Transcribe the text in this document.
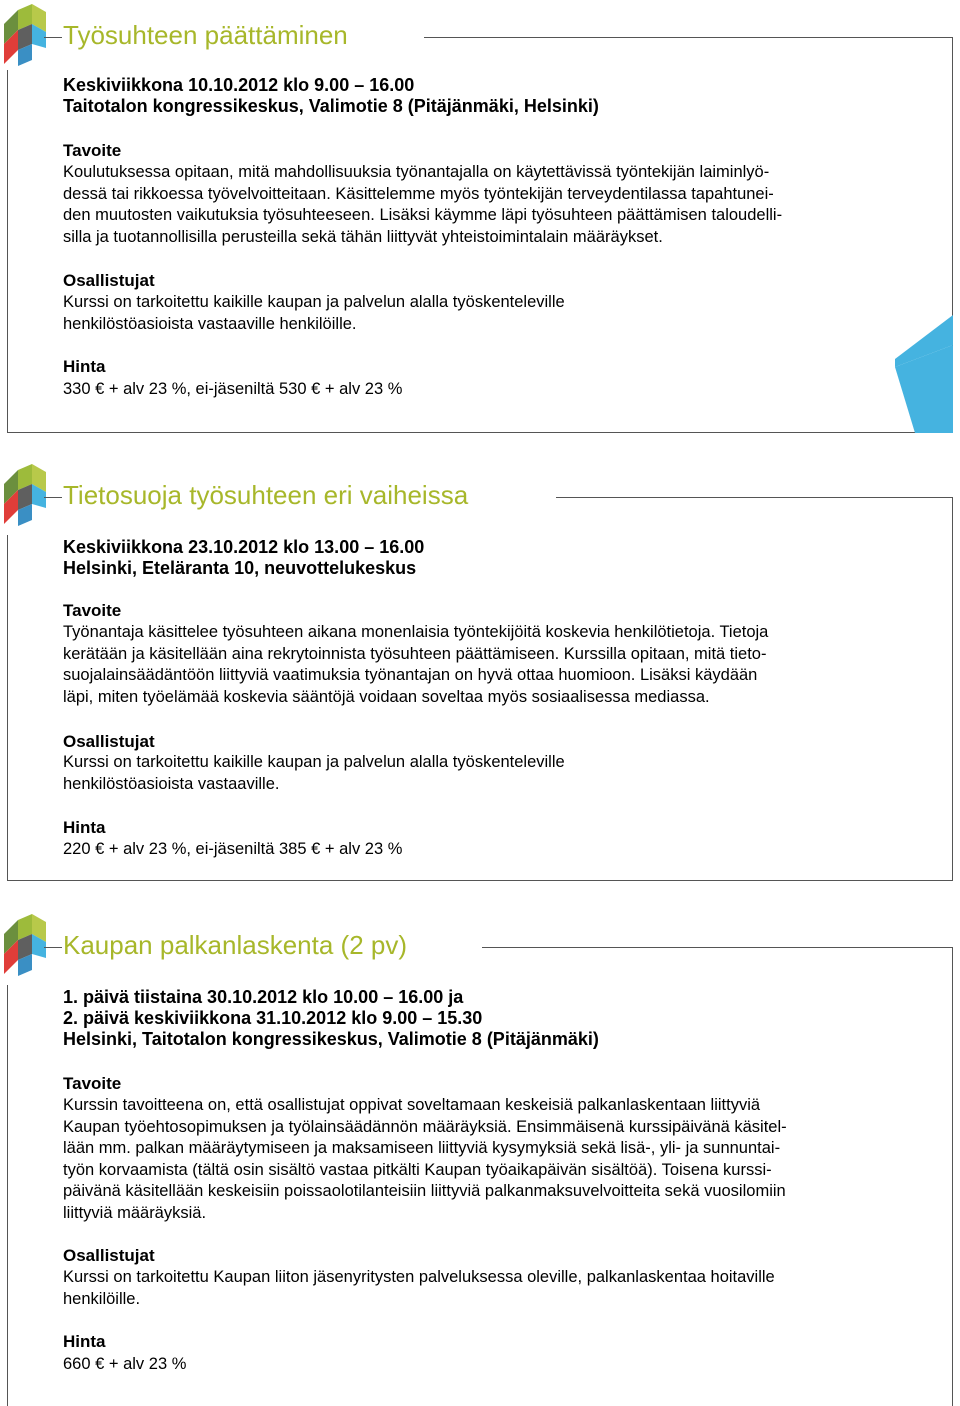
Työsuhteen päättäminen
Keskiviikkona 10.10.2012 klo 9.00 – 16.00
Taitotalon kongressikeskus, Valimotie 8 (Pitäjänmäki, Helsinki)
Tavoite
Koulutuksessa opitaan, mitä mahdollisuuksia työnantajalla on käytettävissä työntekijän laiminlyö-
dessä tai rikkoessa työvelvoitteitaan. Käsittelemme myös työntekijän terveydentilassa tapahtunei-
den muutosten vaikutuksia työsuhteeseen. Lisäksi käymme läpi työsuhteen päättämisen taloudelli-
silla ja tuotannollisilla perusteilla sekä tähän liittyvät yhteistoimintalain määräykset.
Osallistujat
Kurssi on tarkoitettu kaikille kaupan ja palvelun alalla työskenteleville
henkilöstöasioista vastaaville henkilöille.
Hinta
330 € + alv 23 %, ei-jäseniltä 530 € + alv 23 %
Tietosuoja työsuhteen eri vaiheissa
Keskiviikkona 23.10.2012 klo 13.00 – 16.00
Helsinki, Eteläranta 10, neuvottelukeskus
Tavoite
Työnantaja käsittelee työsuhteen aikana monenlaisia työntekijöitä koskevia henkilötietoja. Tietoja
kerätään ja käsitellään aina rekrytoinnista työsuhteen päättämiseen. Kurssilla opitaan, mitä tieto-
suojalainsäädäntöön liittyviä vaatimuksia työnantajan on hyvä ottaa huomioon. Lisäksi käydään
läpi, miten työelämää koskevia sääntöjä voidaan soveltaa myös sosiaalisessa mediassa.
Osallistujat
Kurssi on tarkoitettu kaikille kaupan ja palvelun alalla työskenteleville
henkilöstöasioista vastaaville.
Hinta
220 € + alv 23 %, ei-jäseniltä 385 € + alv 23 %
Kaupan palkanlaskenta (2 pv)
1. päivä tiistaina 30.10.2012 klo 10.00 – 16.00 ja
2. päivä keskiviikkona 31.10.2012 klo 9.00 – 15.30
Helsinki, Taitotalon kongressikeskus, Valimotie 8 (Pitäjänmäki)
Tavoite
Kurssin tavoitteena on, että osallistujat oppivat soveltamaan keskeisiä palkanlaskentaan liittyviä
Kaupan työehtosopimuksen ja työlainsäädännön määräyksiä. Ensimmäisenä kurssipäivänä käsitel-
lään mm. palkan määräytymiseen ja maksamiseen liittyviä kysymyksiä sekä lisä-, yli- ja sunnuntai-
työn korvaamista (tältä osin sisältö vastaa pitkälti Kaupan työaikapäivän sisältöä). Toisena kurssi-
päivänä käsitellään keskeisiin poissaolotilanteisiin liittyviä palkanmaksuvelvoitteita sekä vuosilomiin
liittyviä määräyksiä.
Osallistujat
Kurssi on tarkoitettu Kaupan liiton jäsenyritysten palveluksessa oleville, palkanlaskentaa hoitaville
henkilöille.
Hinta
660 € + alv 23 %
